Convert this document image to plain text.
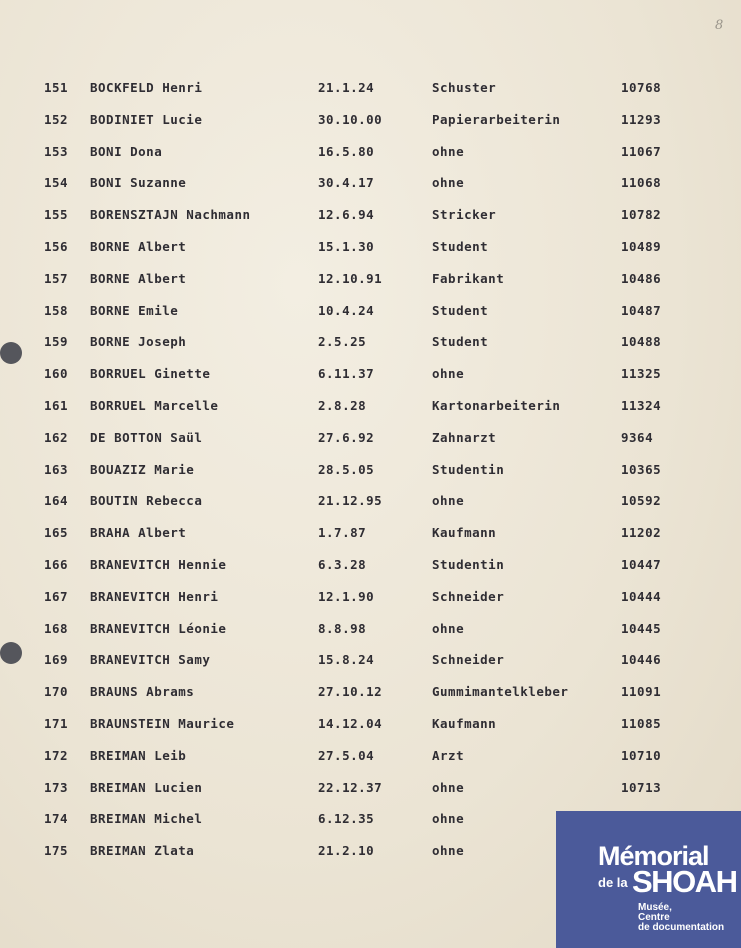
8
151 BOCKFELD Henri	21.1.24	Schuster	10768
152 BODINIET Lucie	30.10.00	Papierarbeiterin	11293
153 BONI Dona	16.5.80	ohne	11067
154 BONI Suzanne	30.4.17	ohne	11068
155 BORENSZTAJN Nachmann	12.6.94	Stricker	10782
156 BORNE Albert	15.1.30	Student	10489
157 BORNE Albert	12.10.91	Fabrikant	10486
158 BORNE Emile	10.4.24	Student	10487
159 BORNE Joseph	2.5.25	Student	10488
160 BORRUEL Ginette	6.11.37	ohne	11325
161 BORRUEL Marcelle	2.8.28	Kartonarbeiterin	11324
162 DE BOTTON Saül	27.6.92	Zahnarzt	9364
163 BOUAZIZ Marie	28.5.05	Studentin	10365
164 BOUTIN Rebecca	21.12.95	ohne	10592
165 BRAHA Albert	1.7.87	Kaufmann	11202
166 BRANEVITCH Hennie	6.3.28	Studentin	10447
167 BRANEVITCH Henri	12.1.90	Schneider	10444
168 BRANEVITCH Léonie	8.8.98	ohne	10445
169 BRANEVITCH Samy	15.8.24	Schneider	10446
170 BRAUNS Abrams	27.10.12	Gummimantelkleber	11091
171 BRAUNSTEIN Maurice	14.12.04	Kaufmann	11085
172 BREIMAN Leib	27.5.04	Arzt	10710
173 BREIMAN Lucien	22.12.37	ohne	10713
174 BREIMAN Michel	6.12.35	ohne
175 BREIMAN Zlata	21.2.10	ohne	Mémorial
de la SHOAH
Musée,
Centre
de documentation
